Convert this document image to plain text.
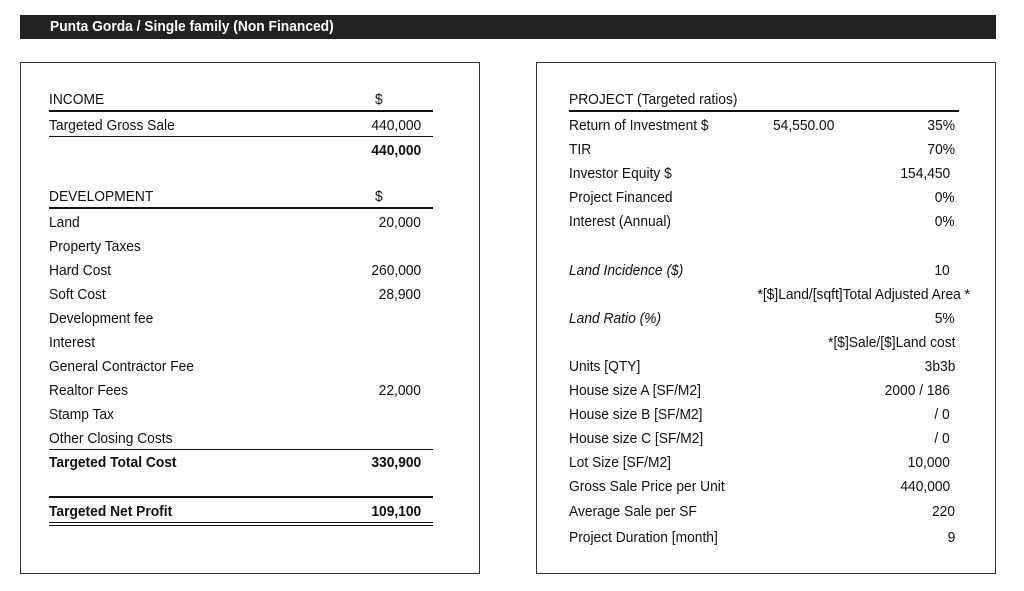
Punta Gorda / Single family (Non Financed)
INCOME	$
Targeted Gross Sale	440,000
440,000
DEVELOPMENT	$
Land	20,000
Property Taxes
Hard Cost	260,000
Soft Cost	28,900
Development fee
Interest
General Contractor Fee
Realtor Fees	22,000
Stamp Tax
Other Closing Costs
Targeted Total Cost	330,900
Targeted Net Profit	109,100
PROJECT (Targeted ratios)
Return of Investment $	54,550.00	35%
TIR	70%
Investor Equity $	154,450
Project Financed	0%
Interest (Annual)	0%
Land Incidence ($)	10
*[$]Land/[sqft]Total Adjusted Area *
Land Ratio (%)	5%
*[$]Sale/[$]Land cost
Units [QTY]	3b3b
House size A [SF/M2]	2000 / 186
House size B [SF/M2]	/ 0
House size C [SF/M2]	/ 0
Lot Size [SF/M2]	10,000
Gross Sale Price per Unit	440,000
Average Sale per SF	220
Project Duration [month]	9
